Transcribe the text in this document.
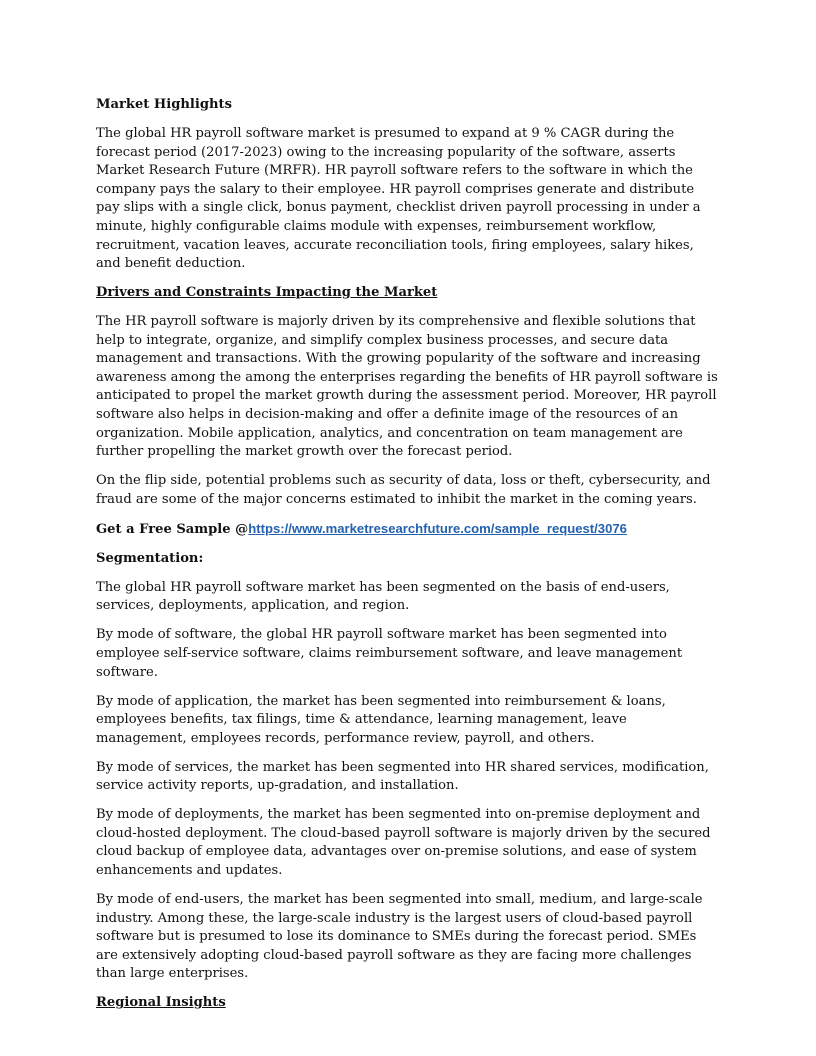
Market Highlights

The global HR payroll software market is presumed to expand at 9 % CAGR during the forecast period (2017-2023) owing to the increasing popularity of the software, asserts Market Research Future (MRFR). HR payroll software refers to the software in which the company pays the salary to their employee. HR payroll comprises generate and distribute pay slips with a single click, bonus payment, checklist driven payroll processing in under a minute, highly configurable claims module with expenses, reimbursement workflow, recruitment, vacation leaves, accurate reconciliation tools, firing employees, salary hikes, and benefit deduction.

Drivers and Constraints Impacting the Market

The HR payroll software is majorly driven by its comprehensive and flexible solutions that help to integrate, organize, and simplify complex business processes, and secure data management and transactions. With the growing popularity of the software and increasing awareness among the among the enterprises regarding the benefits of HR payroll software is anticipated to propel the market growth during the assessment period. Moreover, HR payroll software also helps in decision-making and offer a definite image of the resources of an organization. Mobile application, analytics, and concentration on team management are further propelling the market growth over the forecast period.

On the flip side, potential problems such as security of data, loss or theft, cybersecurity, and fraud are some of the major concerns estimated to inhibit the market in the coming years.

Get a Free Sample @https://www.marketresearchfuture.com/sample_request/3076

Segmentation:

The global HR payroll software market has been segmented on the basis of end-users, services, deployments, application, and region.

By mode of software, the global HR payroll software market has been segmented into employee self-service software, claims reimbursement software, and leave management software.

By mode of application, the market has been segmented into reimbursement & loans, employees benefits, tax filings, time & attendance, learning management, leave management, employees records, performance review, payroll, and others.

By mode of services, the market has been segmented into HR shared services, modification, service activity reports, up-gradation, and installation.

By mode of deployments, the market has been segmented into on-premise deployment and cloud-hosted deployment. The cloud-based payroll software is majorly driven by the secured cloud backup of employee data, advantages over on-premise solutions, and ease of system enhancements and updates.

By mode of end-users, the market has been segmented into small, medium, and large-scale industry. Among these, the large-scale industry is the largest users of cloud-based payroll software but is presumed to lose its dominance to SMEs during the forecast period. SMEs are extensively adopting cloud-based payroll software as they are facing more challenges than large enterprises.

Regional Insights
